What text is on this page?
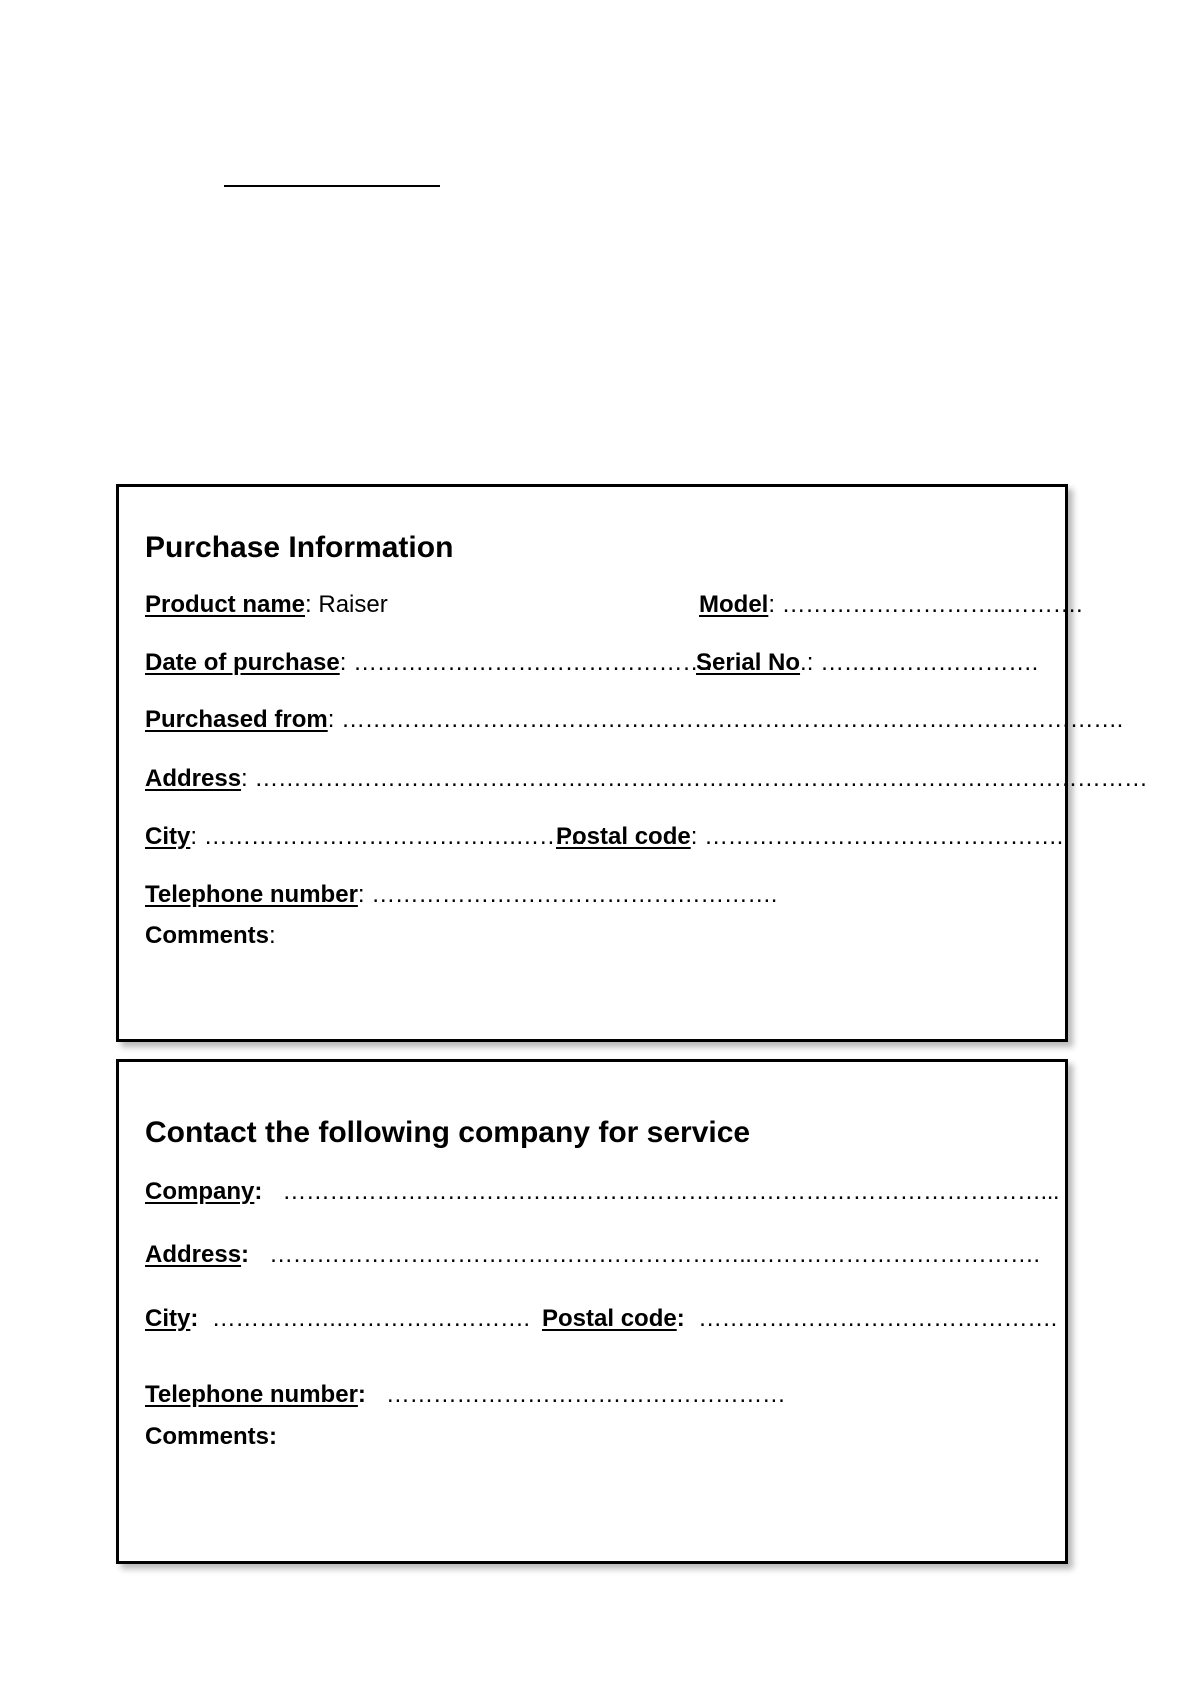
Purchase Information
Product name: Raiser	Model: ………………………..……….
Date of purchase: ……………………………………….
Serial No.: ……………………….
Purchased from: ……………………………………………………………………………………….
Address: ……………………………………………………………………………………………………
City: ………………………………….………
Postal code: ……………………………………….
Telephone number: …………………………………………….
Comments:
Contact the following company for service
Company: ……………………………….……………………………………………………...
Address: ……………………………………………………..……………………………….
City: …………….……………………. Postal code: ……………………………………….
Telephone number: ……………………………………………
Comments:
